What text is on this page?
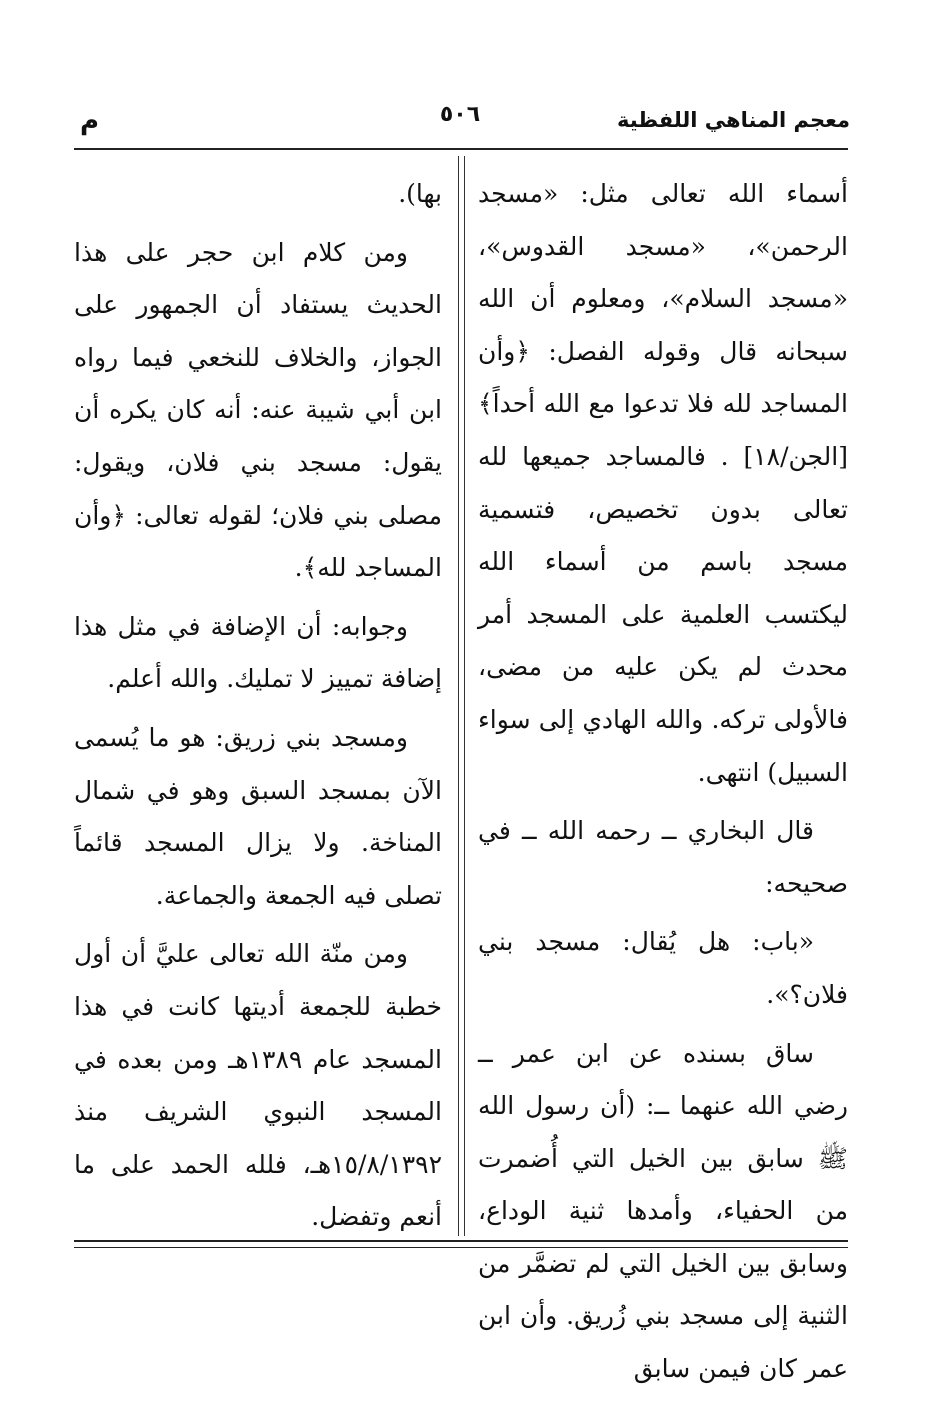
معجم المناهي اللفظية
٥٠٦
م

أسماء الله تعالى مثل: «مسجد الرحمن»، «مسجد القدوس»، «مسجد السلام»، ومعلوم أن الله سبحانه قال وقوله الفصل: ﴿وأن المساجد لله فلا تدعوا مع الله أحداً﴾ [الجن/١٨] . فالمساجد جميعها لله تعالى بدون تخصيص، فتسمية مسجد باسم من أسماء الله ليكتسب العلمية على المسجد أمر محدث لم يكن عليه من مضى، فالأولى تركه. والله الهادي إلى سواء السبيل) انتهى.

قال البخاري ــ رحمه الله ــ في صحيحه:

«باب: هل يُقال: مسجد بني فلان؟».

ساق بسنده عن ابن عمر ــ رضي الله عنهما ــ: (أن رسول الله ﷺ سابق بين الخيل التي أُضمرت من الحفياء، وأمدها ثنية الوداع، وسابق بين الخيل التي لم تضمَّر من الثنية إلى مسجد بني زُريق. وأن ابن عمر كان فيمن سابق

بها).

ومن كلام ابن حجر على هذا الحديث يستفاد أن الجمهور على الجواز، والخلاف للنخعي فيما رواه ابن أبي شيبة عنه: أنه كان يكره أن يقول: مسجد بني فلان، ويقول: مصلى بني فلان؛ لقوله تعالى: ﴿وأن المساجد لله﴾.

وجوابه: أن الإضافة في مثل هذا إضافة تمييز لا تمليك. والله أعلم.

ومسجد بني زريق: هو ما يُسمى الآن بمسجد السبق وهو في شمال المناخة. ولا يزال المسجد قائماً تصلى فيه الجمعة والجماعة.

ومن منّة الله تعالى عليَّ أن أول خطبة للجمعة أديتها كانت في هذا المسجد عام ١٣٨٩هـ ومن بعده في المسجد النبوي الشريف منذ ١٥/٨/١٣٩٢هـ، فلله الحمد على ما أنعم وتفضل.
